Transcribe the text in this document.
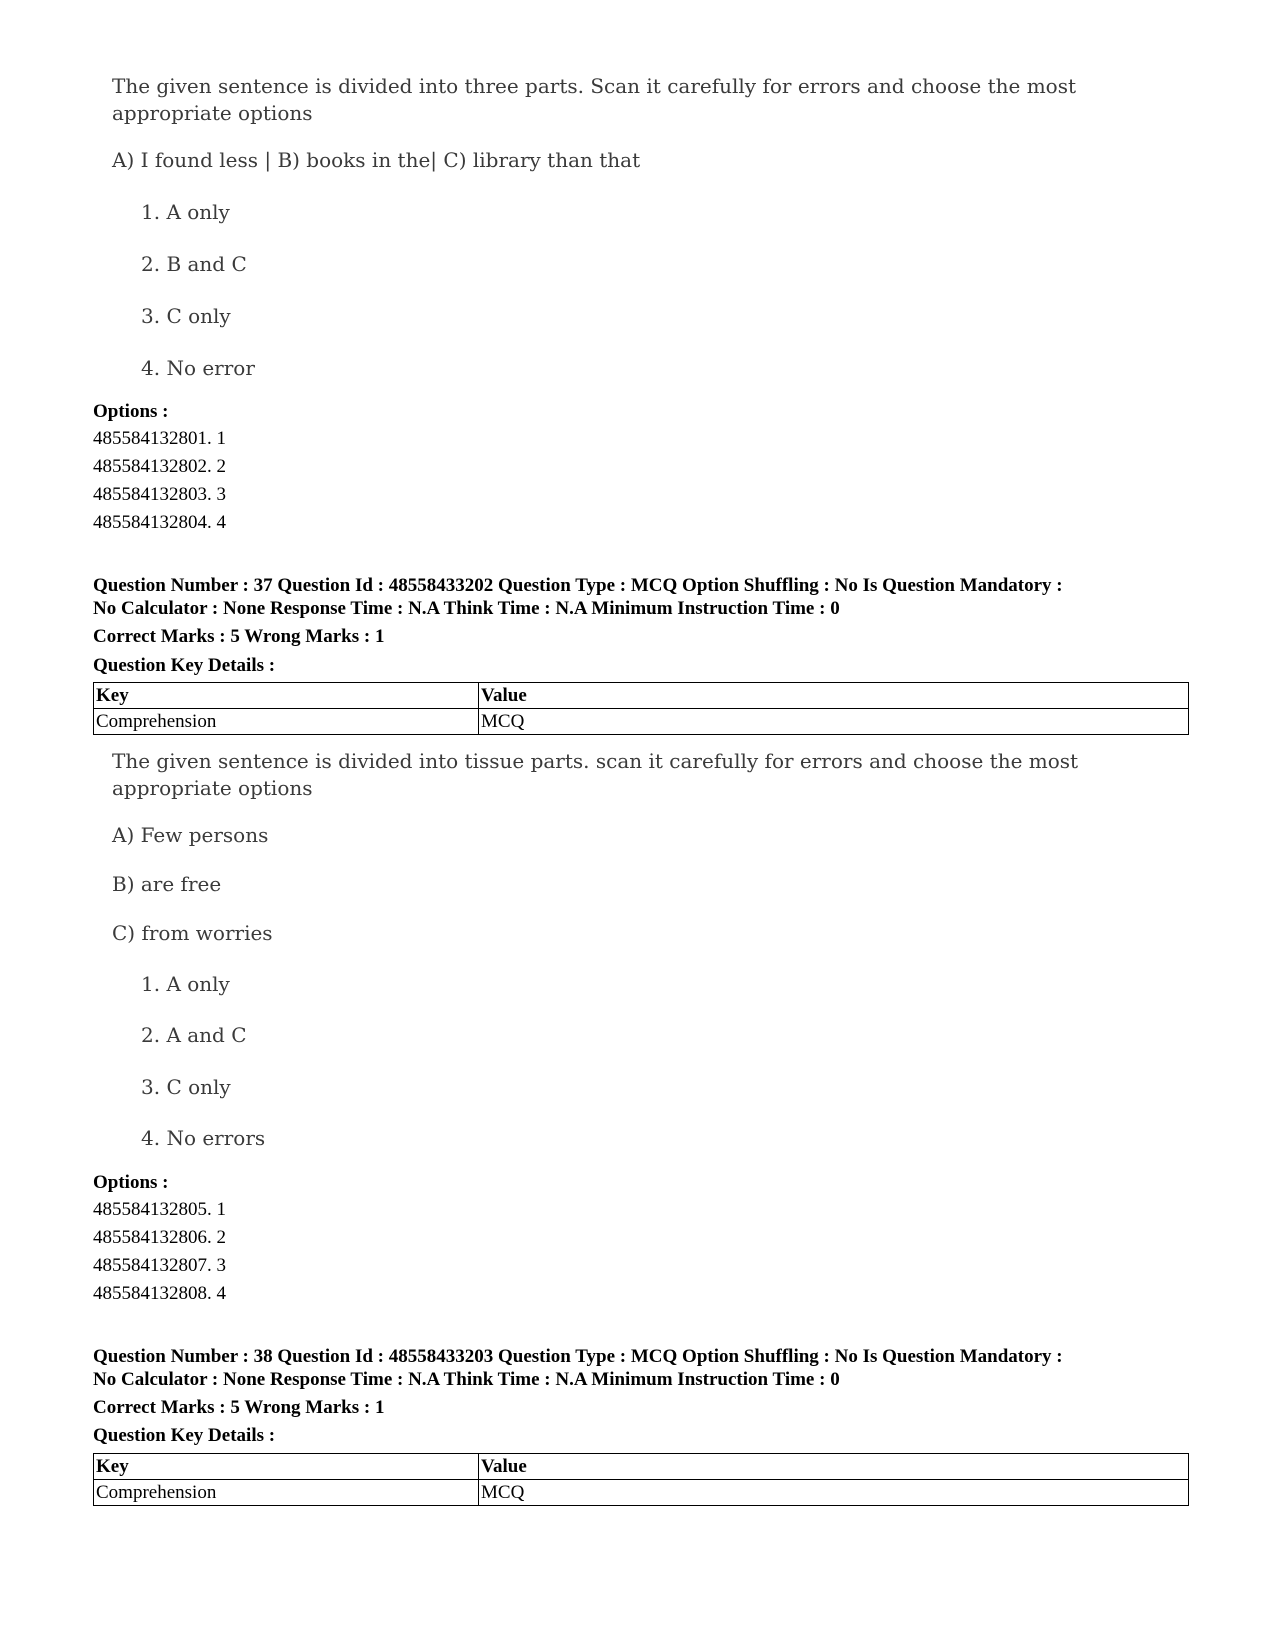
The given sentence is divided into three parts. Scan it carefully for errors and choose the most appropriate options
A) I found less | B) books in the| C) library than that
1. A only
2. B and C
3. C only
4. No error
Options :
485584132801. 1
485584132802. 2
485584132803. 3
485584132804. 4
Question Number : 37 Question Id : 48558433202 Question Type : MCQ Option Shuffling : No Is Question Mandatory :
No Calculator : None Response Time : N.A Think Time : N.A Minimum Instruction Time : 0
Correct Marks : 5 Wrong Marks : 1
Question Key Details :
Key	Value
Comprehension	MCQ
The given sentence is divided into tissue parts. scan it carefully for errors and choose the most appropriate options
A) Few persons
B) are free
C) from worries
1. A only
2. A and C
3. C only
4. No errors
Options :
485584132805. 1
485584132806. 2
485584132807. 3
485584132808. 4
Question Number : 38 Question Id : 48558433203 Question Type : MCQ Option Shuffling : No Is Question Mandatory :
No Calculator : None Response Time : N.A Think Time : N.A Minimum Instruction Time : 0
Correct Marks : 5 Wrong Marks : 1
Question Key Details :
Key	Value
Comprehension	MCQ
